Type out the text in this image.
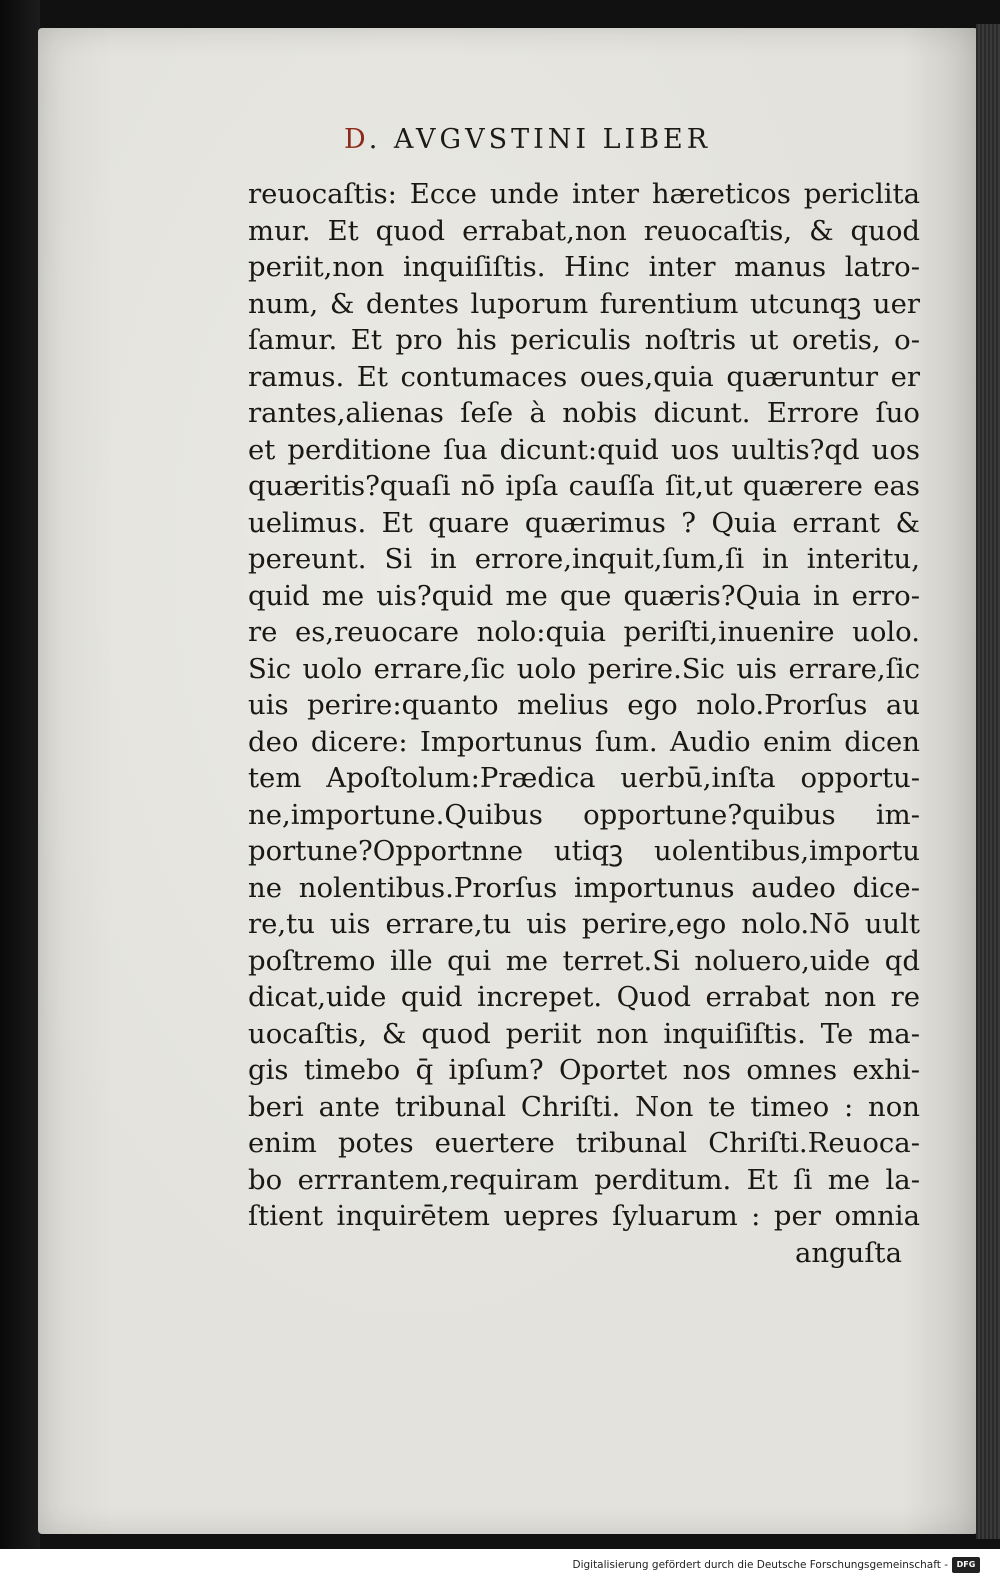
D. AVGVSTINI LIBER
reuocaſtis: Ecce unde inter hæreticos periclita
mur. Et quod errabat,non reuocaſtis, & quod
periit,non inquiſiſtis. Hinc inter manus latro-
num, & dentes luporum furentium utcunqꝫ uer
ſamur. Et pro his periculis noſtris ut oretis, o-
ramus. Et contumaces oues,quia quæruntur er
rantes,alienas ſeſe à nobis dicunt. Errore ſuo
et perditione ſua dicunt:quid uos uultis?qd uos
quæritis?quaſi nō ipſa cauſſa ſit,ut quærere eas
uelimus. Et quare quærimus ? Quia errant &
pereunt. Si in errore,inquit,ſum,ſi in interitu,
quid me uis?quid me que quæris?Quia in erro-
re es,reuocare nolo:quia periſti,inuenire uolo.
Sic uolo errare,ſic uolo perire.Sic uis errare,ſic
uis perire:quanto melius ego nolo.Prorſus au
deo dicere: Importunus ſum. Audio enim dicen
tem Apoſtolum:Prædica uerbū,inſta opportu-
ne,importune.Quibus opportune?quibus im-
portune?Opportnne utiqꝫ uolentibus,importu
ne nolentibus.Prorſus importunus audeo dice-
re,tu uis errare,tu uis perire,ego nolo.Nō uult
poſtremo ille qui me terret.Si noluero,uide qd
dicat,uide quid increpet. Quod errabat non re
uocaſtis, & quod periit non inquiſiſtis. Te ma-
gis timebo q̄ ipſum? Oportet nos omnes exhi-
beri ante tribunal Chriſti. Non te timeo : non
enim potes euertere tribunal Chriſti.Reuoca-
bo errrantem,requiram perditum. Et ſi me la-
ſtient inquirētem uepres ſyluarum : per omnia
anguſta
Digitalisierung gefördert durch die Deutsche Forschungsgemeinschaft -	DFG
